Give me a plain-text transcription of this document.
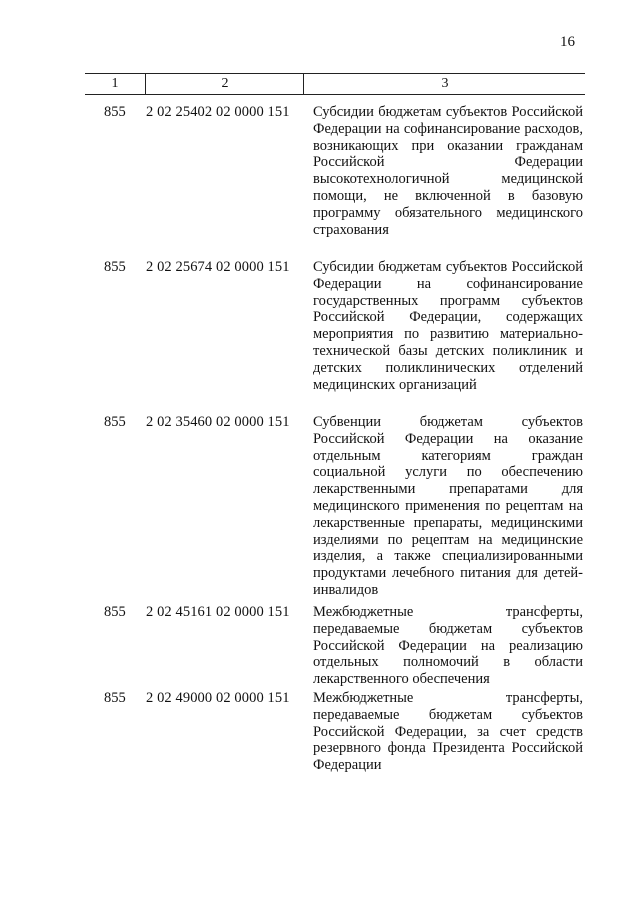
16
1	2	3
855 2 02 25402 02 0000 151 Субсидии бюджетам субъектов Российской Федерации на софинансирование расходов, возникающих при оказании гражданам Российской Федерации высокотехнологичной медицинской помощи, не включенной в базовую программу обязательного медицинского страхования
855 2 02 25674 02 0000 151 Субсидии бюджетам субъектов Российской Федерации на софинансирование государственных программ субъектов Российской Федерации, содержащих мероприятия по развитию материально-технической базы детских поликлиник и детских поликлинических отделений медицинских организаций
855 2 02 35460 02 0000 151 Субвенции бюджетам субъектов Российской Федерации на оказание отдельным категориям граждан социальной услуги по обеспечению лекарственными препаратами для медицинского применения по рецептам на лекарственные препараты, медицинскими изделиями по рецептам на медицинские изделия, а также специализированными продуктами лечебного питания для детей-инвалидов
855 2 02 45161 02 0000 151 Межбюджетные трансферты, передаваемые бюджетам субъектов Российской Федерации на реализацию отдельных полномочий в области лекарственного обеспечения
855 2 02 49000 02 0000 151 Межбюджетные трансферты, передаваемые бюджетам субъектов Российской Федерации, за счет средств резервного фонда Президента Российской Федерации
